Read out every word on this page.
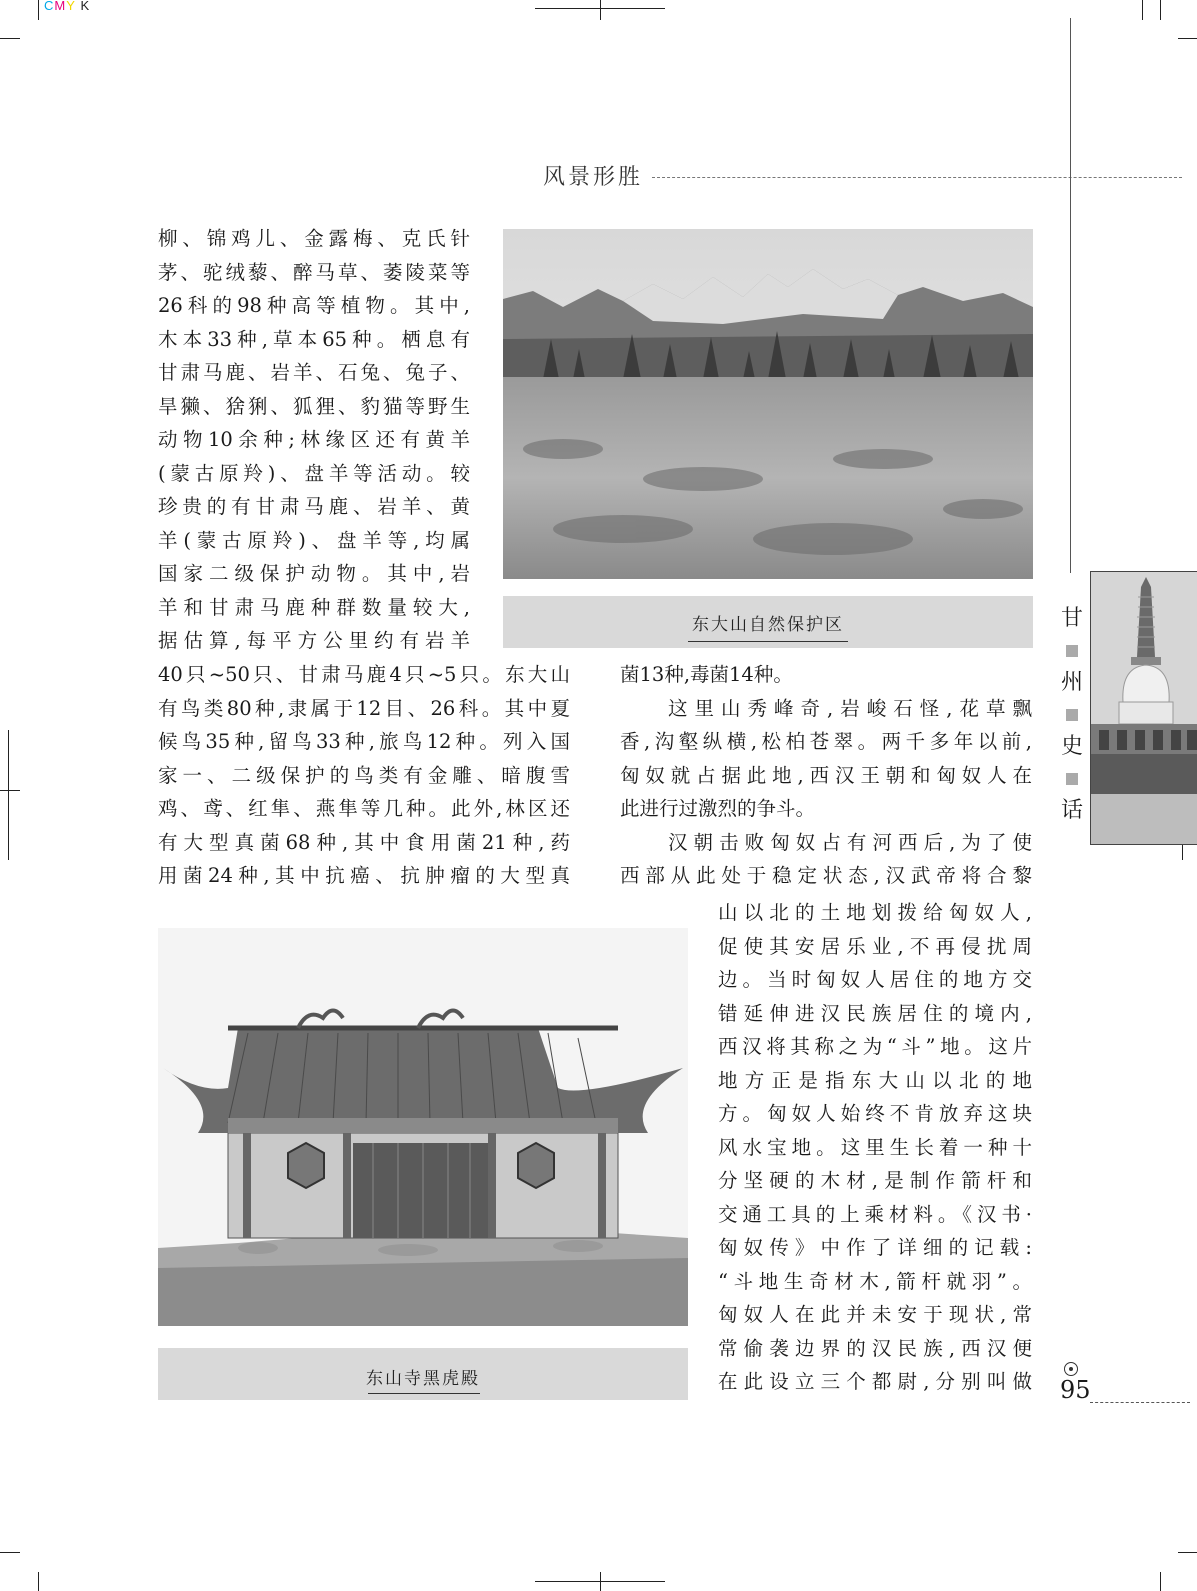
CMY K
风景形胜

柳、锦鸡儿、金露梅、克氏针

茅、驼绒藜、醉马草、萎陵菜等

26科的98种高等植物。其中,

木本33种,草本65种。栖息有

甘肃马鹿、岩羊、石兔、兔子、

旱獭、猞猁、狐狸、豹猫等野生

动物10余种;林缘区还有黄羊

(蒙古原羚)、盘羊等活动。较

珍贵的有甘肃马鹿、岩羊、黄

羊(蒙古原羚)、盘羊等,均属

国家二级保护动物。其中,岩

羊和甘肃马鹿种群数量较大,

据估算,每平方公里约有岩羊

40只~50只、甘肃马鹿4只~5只。东大山

有鸟类80种,隶属于12目、26科。其中夏

候鸟35种,留鸟33种,旅鸟12种。列入国

家一、二级保护的鸟类有金雕、暗腹雪

鸡、鸢、红隼、燕隼等几种。此外,林区还

有大型真菌68种,其中食用菌21种,药

用菌24种,其中抗癌、抗肿瘤的大型真

菌13种,毒菌14种。

这里山秀峰奇,岩峻石怪,花草飘

香,沟壑纵横,松柏苍翠。两千多年以前,

匈奴就占据此地,西汉王朝和匈奴人在

此进行过激烈的争斗。

汉朝击败匈奴占有河西后,为了使

西部从此处于稳定状态,汉武帝将合黎

山以北的土地划拨给匈奴人,

促使其安居乐业,不再侵扰周

边。当时匈奴人居住的地方交

错延伸进汉民族居住的境内,

西汉将其称之为“斗”地。这片

地方正是指东大山以北的地

方。匈奴人始终不肯放弃这块

风水宝地。这里生长着一种十

分坚硬的木材,是制作箭杆和

交通工具的上乘材料。《汉书·

匈奴传》中作了详细的记载:

“斗地生奇材木,箭杆就羽”。

匈奴人在此并未安于现状,常

常偷袭边界的汉民族,西汉便

在此设立三个都尉,分别叫做

东大山自然保护区
东山寺黑虎殿
甘
州
史
话
95
